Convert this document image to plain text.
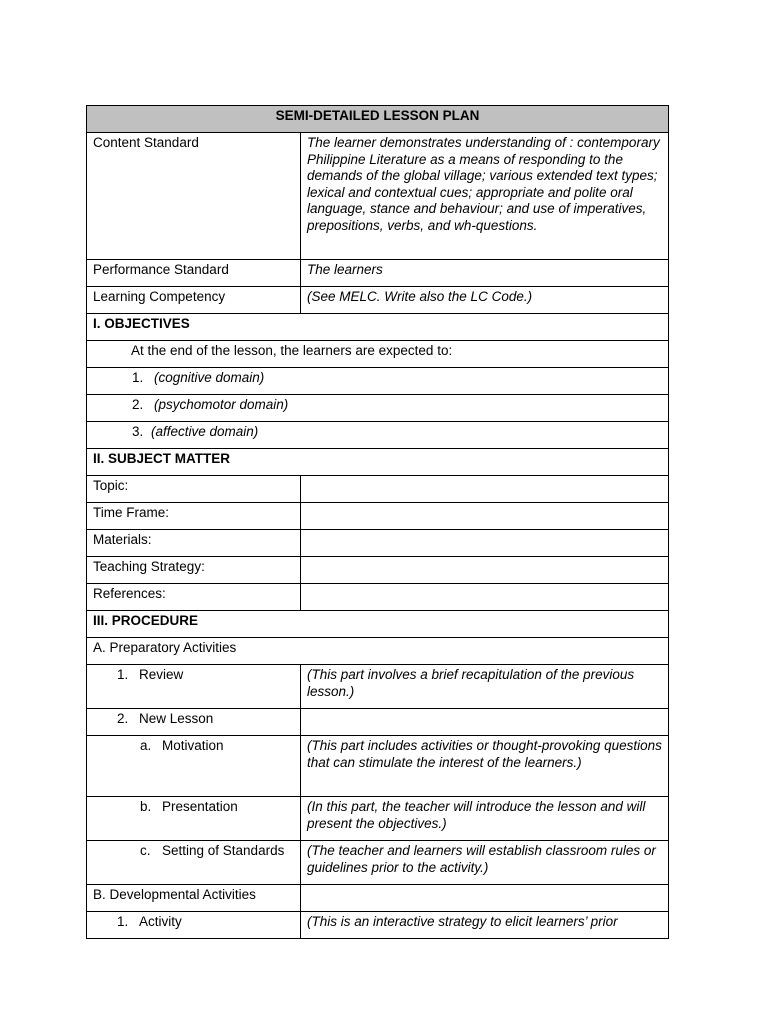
SEMI-DETAILED LESSON PLAN	
Content Standard	The learner demonstrates understanding of : contemporary Philippine Literature as a means of responding to the demands of the global village; various extended text types; lexical and contextual cues; appropriate and polite oral language, stance and behaviour; and use of imperatives, prepositions, verbs, and wh-questions.
Performance Standard	The learners
Learning Competency	(See MELC. Write also the LC Code.)
I. OBJECTIVES	
At the end of the lesson, the learners are expected to:	
1. (cognitive domain)	
2. (psychomotor domain)	
3. (affective domain)	
II. SUBJECT MATTER	
Topic:	
Time Frame:	
Materials:	
Teaching Strategy:	
References:	
III. PROCEDURE	
A. Preparatory Activities	
1. Review	(This part involves a brief recapitulation of the previous lesson.)
2. New Lesson	
a. Motivation	(This part includes activities or thought-provoking questions that can stimulate the interest of the learners.)
b. Presentation	(In this part, the teacher will introduce the lesson and will present the objectives.)
c. Setting of Standards	(The teacher and learners will establish classroom rules or guidelines prior to the activity.)
B. Developmental Activities	
1. Activity	(This is an interactive strategy to elicit learners’ prior
